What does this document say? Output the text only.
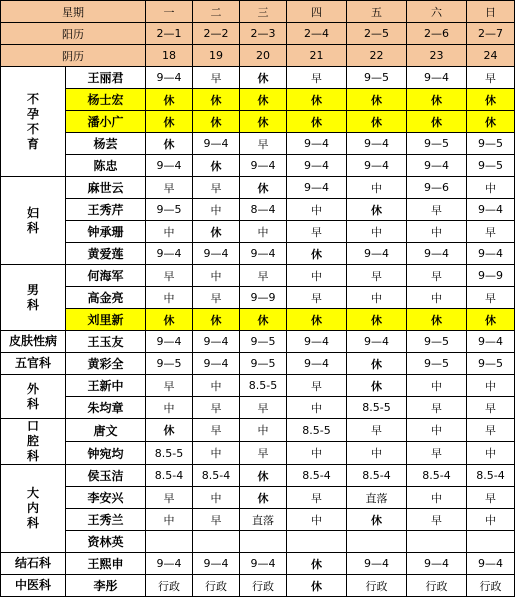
星期		一	二	三	四	五	六	日
阳历		2—1	2—2	2—3	2—4	2—5	2—6	2—7
阴历		18	19	20	21	22	23	24

不
孕
不
育	王丽君	9—4	早	休	早	9—5	9—4	早
	杨士宏	休	休	休	休	休	休	休
	潘小广	休	休	休	休	休	休	休
	杨芸	休	9—4	早	9—4	9—4	9—5	9—5
	陈忠	9—4	休	9—4	9—4	9—4	9—4	9—5

妇
科	麻世云	早	早	休	9—4	中	9—6	中
	王秀芹	9—5	中	8—4	中	休	早	9—4
	钟承珊	中	休	中	早	中	中	早
	黄爱莲	9—4	9—4	9—4	休	9—4	9—4	9—4

男
科	何海军	早	中	早	中	早	早	9—9
	高金亮	中	早	9—9	早	中	中	早
	刘里新	休	休	休	休	休	休	休
皮肤性病	王玉友	9—4	9—4	9—5	9—4	9—4	9—5	9—4
五官科	黄彩全	9—5	9—4	9—5	9—4	休	9—5	9—5

外
科	王新中	早	中	8.5-5	早	休	中	中
	朱均章	中	早	早	中	8.5-5	早	早

口
腔
科	唐文	休	早	中	8.5-5	早	中	早
	钟宛均	8.5-5	中	早	中	中	早	中

大
内
科	侯玉洁	8.5-4	8.5-4	休	8.5-4	8.5-4	8.5-4	8.5-4
	李安兴	早	中	休	早	直落	中	早
	王秀兰	中	早	直落	中	休	早	中
	资林英							
结石科	王熙申	9—4	9—4	9—4	休	9—4	9—4	9—4
中医科	李彤	行政	行政	行政	休	行政	行政	行政
